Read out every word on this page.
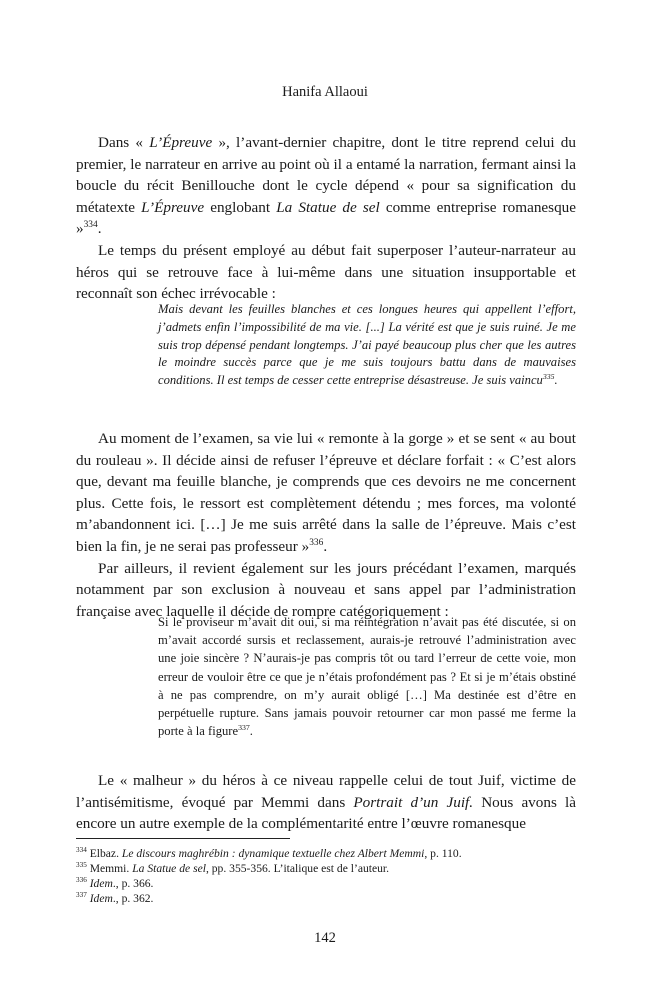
Hanifa Allaoui

Dans « L’Épreuve », l’avant-dernier chapitre, dont le titre reprend celui du premier, le narrateur en arrive au point où il a entamé la narration, fermant ainsi la boucle du récit Benillouche dont le cycle dépend « pour sa signification du métatexte L’Épreuve englobant La Statue de sel comme entreprise romanesque »$^{334}$.

Le temps du présent employé au début fait superposer l’auteur-narrateur au héros qui se retrouve face à lui-même dans une situation insupportable et reconnaît son échec irrévocable :

Mais devant les feuilles blanches et ces longues heures qui appellent l’effort, j’admets enfin l’impossibilité de ma vie. [...] La vérité est que je suis ruiné. Je me suis trop dépensé pendant longtemps. J’ai payé beaucoup plus cher que les autres le moindre succès parce que je me suis toujours battu dans de mauvaises conditions. Il est temps de cesser cette entreprise désastreuse. Je suis vaincu$^{335}$.

Au moment de l’examen, sa vie lui « remonte à la gorge » et se sent « au bout du rouleau ». Il décide ainsi de refuser l’épreuve et déclare forfait : « C’est alors que, devant ma feuille blanche, je comprends que ces devoirs ne me concernent plus. Cette fois, le ressort est complètement détendu ; mes forces, ma volonté m’abandonnent ici. […] Je me suis arrêté dans la salle de l’épreuve. Mais c’est bien la fin, je ne serai pas professeur »$^{336}$.

Par ailleurs, il revient également sur les jours précédant l’examen, marqués notamment par son exclusion à nouveau et sans appel par l’administration française avec laquelle il décide de rompre catégoriquement :

Si le proviseur m’avait dit oui, si ma réintégration n’avait pas été discutée, si on m’avait accordé sursis et reclassement, aurais-je retrouvé l’administration avec une joie sincère ? N’aurais-je pas compris tôt ou tard l’erreur de cette voie, mon erreur de vouloir être ce que je n’étais profondément pas ? Et si je m’étais obstiné à ne pas comprendre, on m’y aurait obligé […] Ma destinée est d’être en perpétuelle rupture. Sans jamais pouvoir retourner car mon passé me ferme la porte à la figure$^{337}$.

Le « malheur » du héros à ce niveau rappelle celui de tout Juif, victime de l’antisémitisme, évoqué par Memmi dans Portrait d’un Juif. Nous avons là encore un autre exemple de la complémentarité entre l’œuvre romanesque

$^{334}$ Elbaz. Le discours maghrébin : dynamique textuelle chez Albert Memmi, p. 110.
$^{335}$ Memmi. La Statue de sel, pp. 355-356. L’italique est de l’auteur.
$^{336}$ Idem., p. 366.
$^{337}$ Idem., p. 362.
142
